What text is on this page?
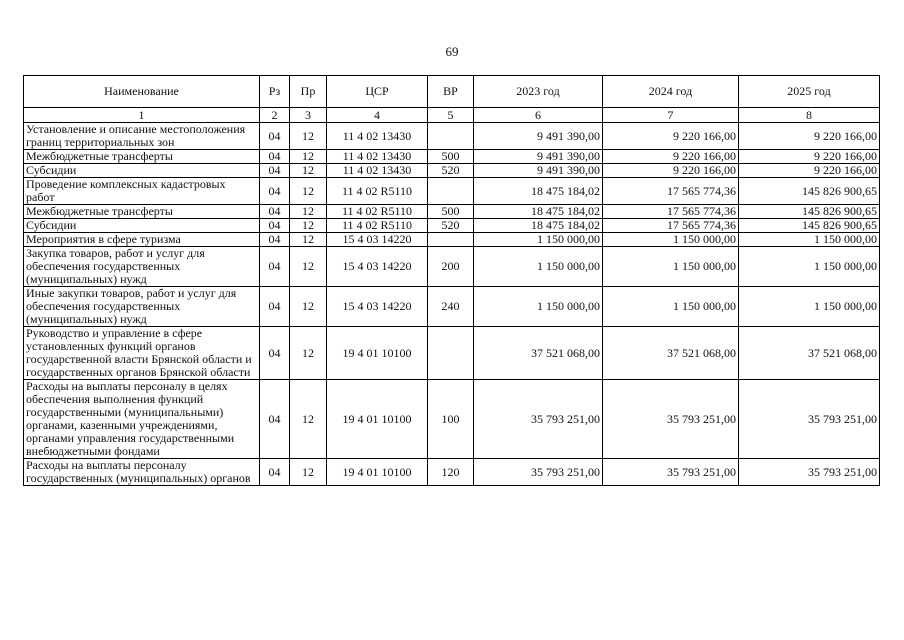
69
Наименование	Рз	Пр	ЦСР	ВР	2023 год	2024 год	2025 год
1	2	3	4	5	6	7	8
Установление и описание местоположения границ территориальных зон	04	12	11 4 02 13430		9 491 390,00	9 220 166,00	9 220 166,00
Межбюджетные трансферты	04	12	11 4 02 13430	500	9 491 390,00	9 220 166,00	9 220 166,00
Субсидии	04	12	11 4 02 13430	520	9 491 390,00	9 220 166,00	9 220 166,00
Проведение комплексных кадастровых работ	04	12	11 4 02 R5110		18 475 184,02	17 565 774,36	145 826 900,65
Межбюджетные трансферты	04	12	11 4 02 R5110	500	18 475 184,02	17 565 774,36	145 826 900,65
Субсидии	04	12	11 4 02 R5110	520	18 475 184,02	17 565 774,36	145 826 900,65
Мероприятия в сфере туризма	04	12	15 4 03 14220		1 150 000,00	1 150 000,00	1 150 000,00
Закупка товаров, работ и услуг для обеспечения государственных (муниципальных) нужд	04	12	15 4 03 14220	200	1 150 000,00	1 150 000,00	1 150 000,00
Иные закупки товаров, работ и услуг для обеспечения государственных (муниципальных) нужд	04	12	15 4 03 14220	240	1 150 000,00	1 150 000,00	1 150 000,00
Руководство и управление в сфере установленных функций органов государственной власти Брянской области и государственных органов Брянской области	04	12	19 4 01 10100		37 521 068,00	37 521 068,00	37 521 068,00
Расходы на выплаты персоналу в целях обеспечения выполнения функций государственными (муниципальными) органами, казенными учреждениями, органами управления государственными внебюджетными фондами	04	12	19 4 01 10100	100	35 793 251,00	35 793 251,00	35 793 251,00
Расходы на выплаты персоналу государственных (муниципальных) органов	04	12	19 4 01 10100	120	35 793 251,00	35 793 251,00	35 793 251,00
